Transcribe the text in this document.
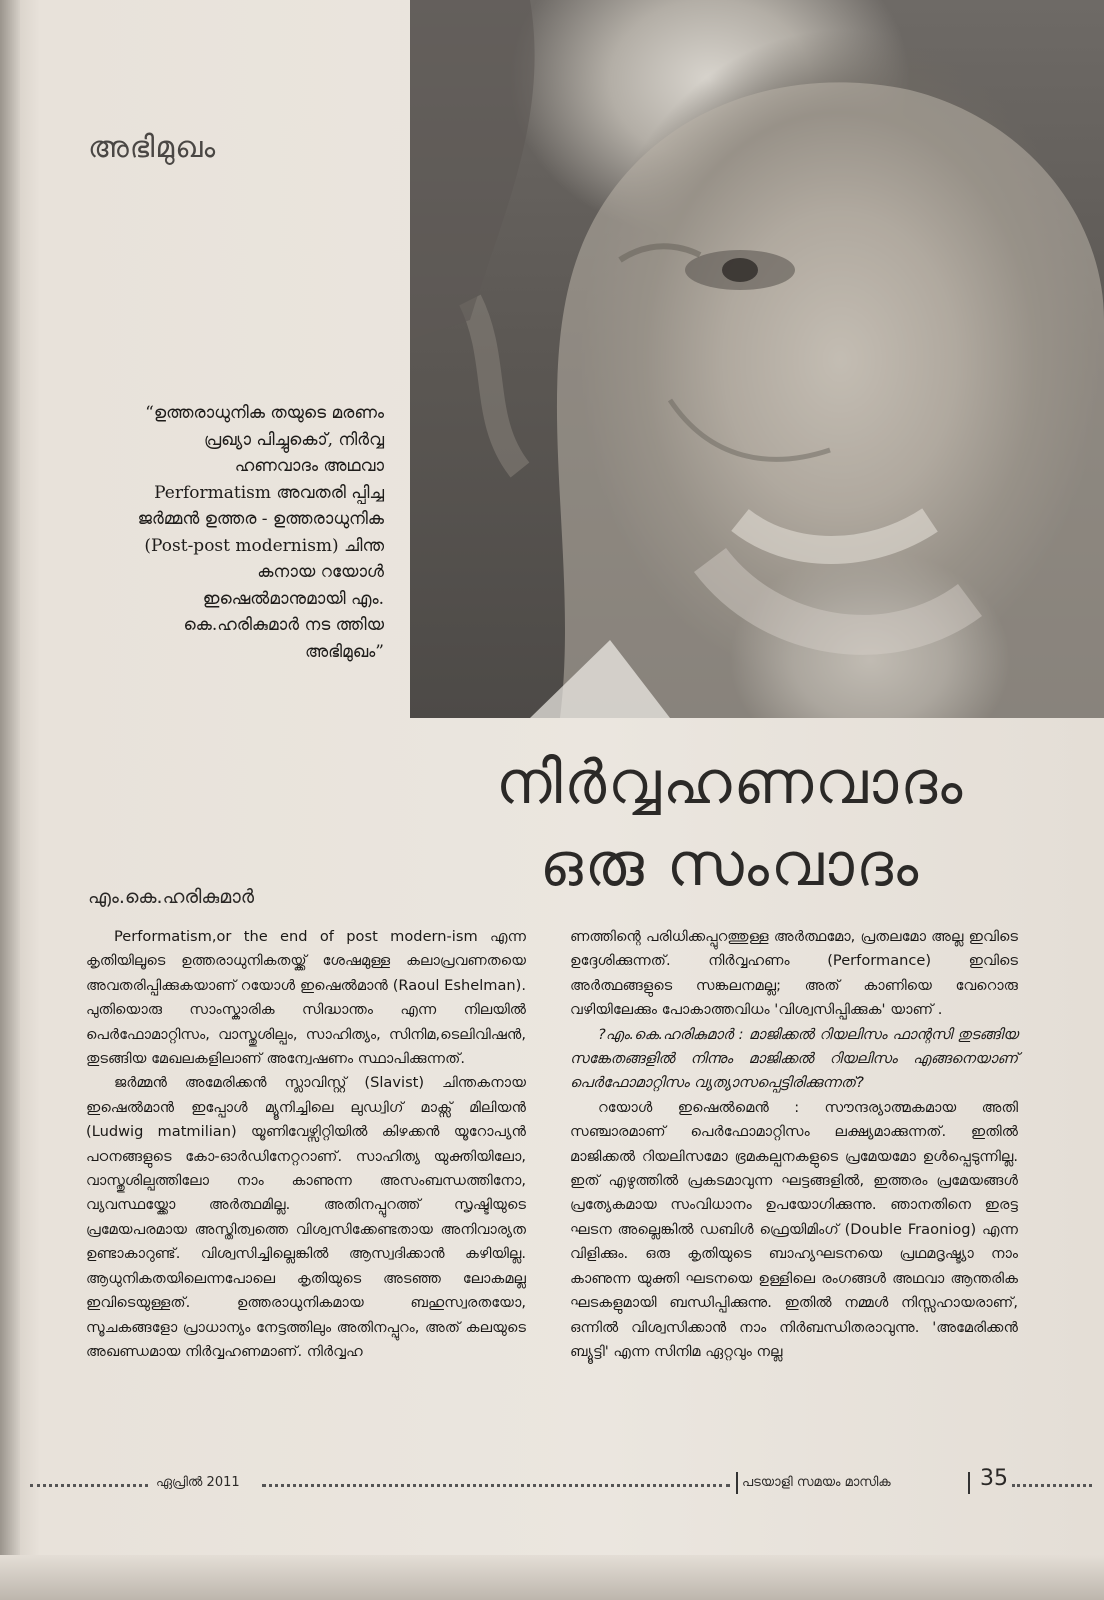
അഭിമുഖം
“ഉത്തരാധുനിക തയുടെ മരണം പ്രഖ്യാ പിച്ചുകൊ്, നിർവ്വ ഹണവാദം അഥവാ Performatism അവതരി പ്പിച്ച ജർമ്മൻ ഉത്തര - ഉത്തരാധുനിക (Post-post modernism) ചിന്ത കനായ റയോൾ ഇഷെൽമാനുമായി എം. കെ.ഹരികുമാർ നട ത്തിയ അഭിമുഖം”
നിർവ്വഹണവാദം
ഒരു സംവാദം
എം.കെ.ഹരികുമാർ

Performatism,or the end of post modern-ism എന്ന കൃതിയിലൂടെ ഉത്തരാധുനികതയ്ക്ക് ശേഷമുള്ള കലാപ്രവണതയെ അവതരിപ്പിക്കുകയാണ് റയോൾ ഇഷെൽമാൻ (Raoul Eshelman). പുതിയൊരു സാംസ്കാരിക സിദ്ധാന്തം എന്ന നിലയിൽ പെർഫോമാറ്റിസം, വാസ്തുശില്പം, സാഹിത്യം, സിനിമ,ടെലിവിഷൻ, തുടങ്ങിയ മേഖലകളിലാണ് അന്വേഷണം സ്ഥാപിക്കുന്നത്.

ജർമ്മൻ അമേരിക്കൻ സ്ലാവിസ്റ്റ് (Slavist) ചിന്തകനായ ഇഷെൽമാൻ ഇപ്പോൾ മ്യൂനിച്ചിലെ ലുഡ്വിഗ് മാക്സ് മിലിയൻ (Ludwig matmilian) യൂണിവേഴ്സിറ്റിയിൽ കിഴക്കൻ യൂറോപ്യൻ പഠനങ്ങളുടെ കോ-ഓർഡിനേറ്ററാണ്. സാഹിത്യ യുക്തിയിലോ, വാസ്തുശില്പത്തിലോ നാം കാണുന്ന അസംബന്ധത്തിനോ, വ്യവസ്ഥയ്ക്കോ അർത്ഥമില്ല. അതിനപ്പുറത്ത് സൃഷ്ടിയുടെ പ്രമേയപരമായ അസ്തിത്വത്തെ വിശ്വസിക്കേണ്ടതായ അനിവാര്യത ഉണ്ടാകാറുണ്ട്. വിശ്വസിച്ചില്ലെങ്കിൽ ആസ്വദിക്കാൻ കഴിയില്ല. ആധുനികതയിലെന്നപോലെ കൃതിയുടെ അടഞ്ഞ ലോകമല്ല ഇവിടെയുള്ളത്. ഉത്തരാധുനികമായ ബഹുസ്വരതയോ, സൂചകങ്ങളോ പ്രാധാന്യം നേട്ടത്തിലും അതിനപ്പുറം, അത് കലയുടെ അഖണ്ഡമായ നിർവ്വഹണമാണ്. നിർവ്വഹ

ണത്തിന്റെ പരിധിക്കപ്പുറത്തുള്ള അർത്ഥമോ, പ്രതലമോ അല്ല ഇവിടെ ഉദ്ദേശിക്കുന്നത്. നിർവ്വഹണം (Performance) ഇവിടെ അർത്ഥങ്ങളുടെ സങ്കലനമല്ല; അത് കാണിയെ വേറൊരു വഴിയിലേക്കും പോകാത്തവിധം 'വിശ്വസിപ്പിക്കുക' യാണ് .

?എം.കെ.ഹരികുമാർ : മാജിക്കൽ റിയലിസം ഫാന്റസി തുടങ്ങിയ സങ്കേതങ്ങളിൽ നിന്നും മാജിക്കൽ റിയലിസം എങ്ങനെയാണ് പെർഫോമാറ്റിസം വ്യത്യാസപ്പെട്ടിരിക്കുന്നത്?

റയോൾ ഇഷെൽമെൻ : സൗന്ദര്യാത്മകമായ അതി സഞ്ചാരമാണ് പെർഫോമാറ്റിസം ലക്ഷ്യമാക്കുന്നത്. ഇതിൽ മാജിക്കൽ റിയലിസമോ ഭ്രമകല്പനകളുടെ പ്രമേയമോ ഉൾപ്പെടുന്നില്ല. ഇത് എഴുത്തിൽ പ്രകടമാവുന്ന ഘട്ടങ്ങളിൽ, ഇത്തരം പ്രമേയങ്ങൾ പ്രത്യേകമായ സംവിധാനം ഉപയോഗിക്കുന്നു. ഞാനതിനെ ഇരട്ട ഘടന അല്ലെങ്കിൽ ഡബിൾ ഫ്രെയിമിംഗ് (Double Fraoniog) എന്ന വിളിക്കും. ഒരു കൃതിയുടെ ബാഹ്യഘടനയെ പ്രഥമദൃഷ്ട്യാ നാം കാണുന്ന യുക്തി ഘടനയെ ഉള്ളിലെ രംഗങ്ങൾ അഥവാ ആന്തരിക ഘടകളുമായി ബന്ധിപ്പിക്കുന്നു. ഇതിൽ നമ്മൾ നിസ്സഹായരാണ്, ഒന്നിൽ വിശ്വസിക്കാൻ നാം നിർബന്ധിതരാവുന്നു. 'അമേരിക്കൻ ബ്യൂട്ടി' എന്ന സിനിമ ഏറ്റവും നല്ല

ഏപ്രിൽ 2011	പടയാളി സമയം മാസിക	35
